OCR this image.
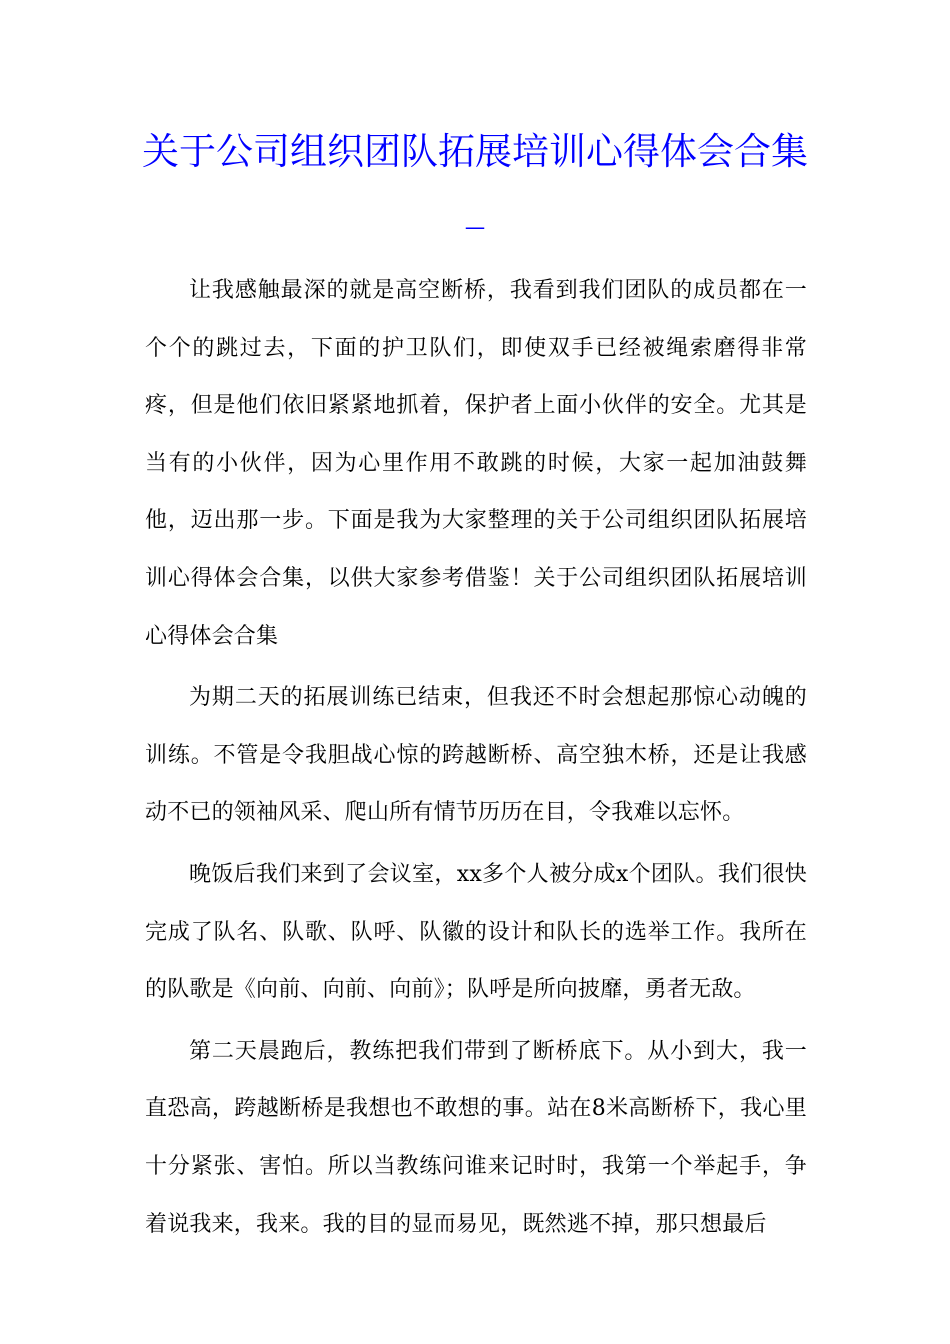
关于公司组织团队拓展培训心得体会合集_

让我感触最深的就是高空断桥，我看到我们团队的成员都在一个个的跳过去，下面的护卫队们，即使双手已经被绳索磨得非常疼，但是他们依旧紧紧地抓着，保护者上面小伙伴的安全。尤其是当有的小伙伴，因为心里作用不敢跳的时候，大家一起加油鼓舞他，迈出那一步。下面是我为大家整理的关于公司组织团队拓展培训心得体会合集，以供大家参考借鉴！关于公司组织团队拓展培训心得体会合集

为期二天的拓展训练已结束，但我还不时会想起那惊心动魄的训练。不管是令我胆战心惊的跨越断桥、高空独木桥，还是让我感动不已的领袖风采、爬山所有情节历历在目，令我难以忘怀。

晚饭后我们来到了会议室，xx多个人被分成x个团队。我们很快完成了队名、队歌、队呼、队徽的设计和队长的选举工作。我所在的队歌是《向前、向前、向前》；队呼是所向披靡，勇者无敌。

第二天晨跑后，教练把我们带到了断桥底下。从小到大，我一直恐高，跨越断桥是我想也不敢想的事。站在8米高断桥下，我心里十分紧张、害怕。所以当教练问谁来记时时，我第一个举起手，争着说我来，我来。我的目的显而易见，既然逃不掉，那只想最后
